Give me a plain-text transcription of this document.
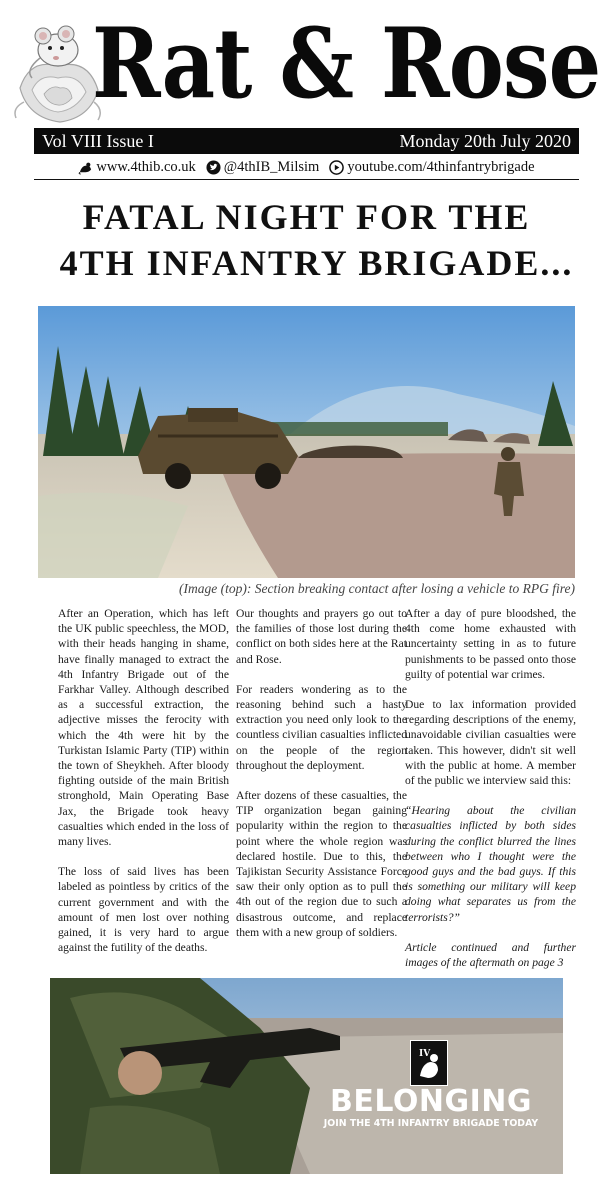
Rat & Rose
Vol VIII Issue I	Monday 20th July 2020
www.4thib.co.uk @4thIB_Milsim youtube.com/4thinfantrybrigade
FATAL NIGHT FOR THE
4TH INFANTRY BRIGADE...
(Image (top): Section breaking contact after losing a vehicle to RPG fire)

After an Operation, which has left the UK public speechless, the MOD, with their heads hanging in shame, have finally managed to extract the 4th Infantry Brigade out of the Farkhar Valley. Although described as a successful extraction, the adjective misses the ferocity with which the 4th were hit by the Turkistan Islamic Party (TIP) within the town of Sheykheh. After bloody fighting outside of the main British stronghold, Main Operating Base Jax, the Brigade took heavy casualties which ended in the loss of many lives.

The loss of said lives has been labeled as pointless by critics of the current government and with the amount of men lost over nothing gained, it is very hard to argue against the futility of the deaths.

Our thoughts and prayers go out to the families of those lost during the conflict on both sides here at the Rat and Rose.

For readers wondering as to the reasoning behind such a hasty extraction you need only look to the countless civilian casualties inflicted on the people of the region throughout the deployment.

After dozens of these casualties, the TIP organization began gaining popularity within the region to the point where the whole region was declared hostile. Due to this, the Tajikistan Security Assistance Force saw their only option as to pull the 4th out of the region due to such a disastrous outcome, and replace them with a new group of soldiers.

After a day of pure bloodshed, the 4th come home exhausted with uncertainty setting in as to future punishments to be passed onto those guilty of potential war crimes.

Due to lax information provided regarding descriptions of the enemy, unavoidable civilian casualties were taken. This however, didn't sit well with the public at home. A member of the public we interview said this:

“Hearing about the civilian casualties inflicted by both sides during the conflict blurred the lines between who I thought were the good guys and the bad guys. If this is something our military will keep doing what separates us from the terrorists?”

Article continued and further images of the aftermath on page 3

IV
BELONGING
JOIN THE 4TH INFANTRY BRIGADE TODAY
